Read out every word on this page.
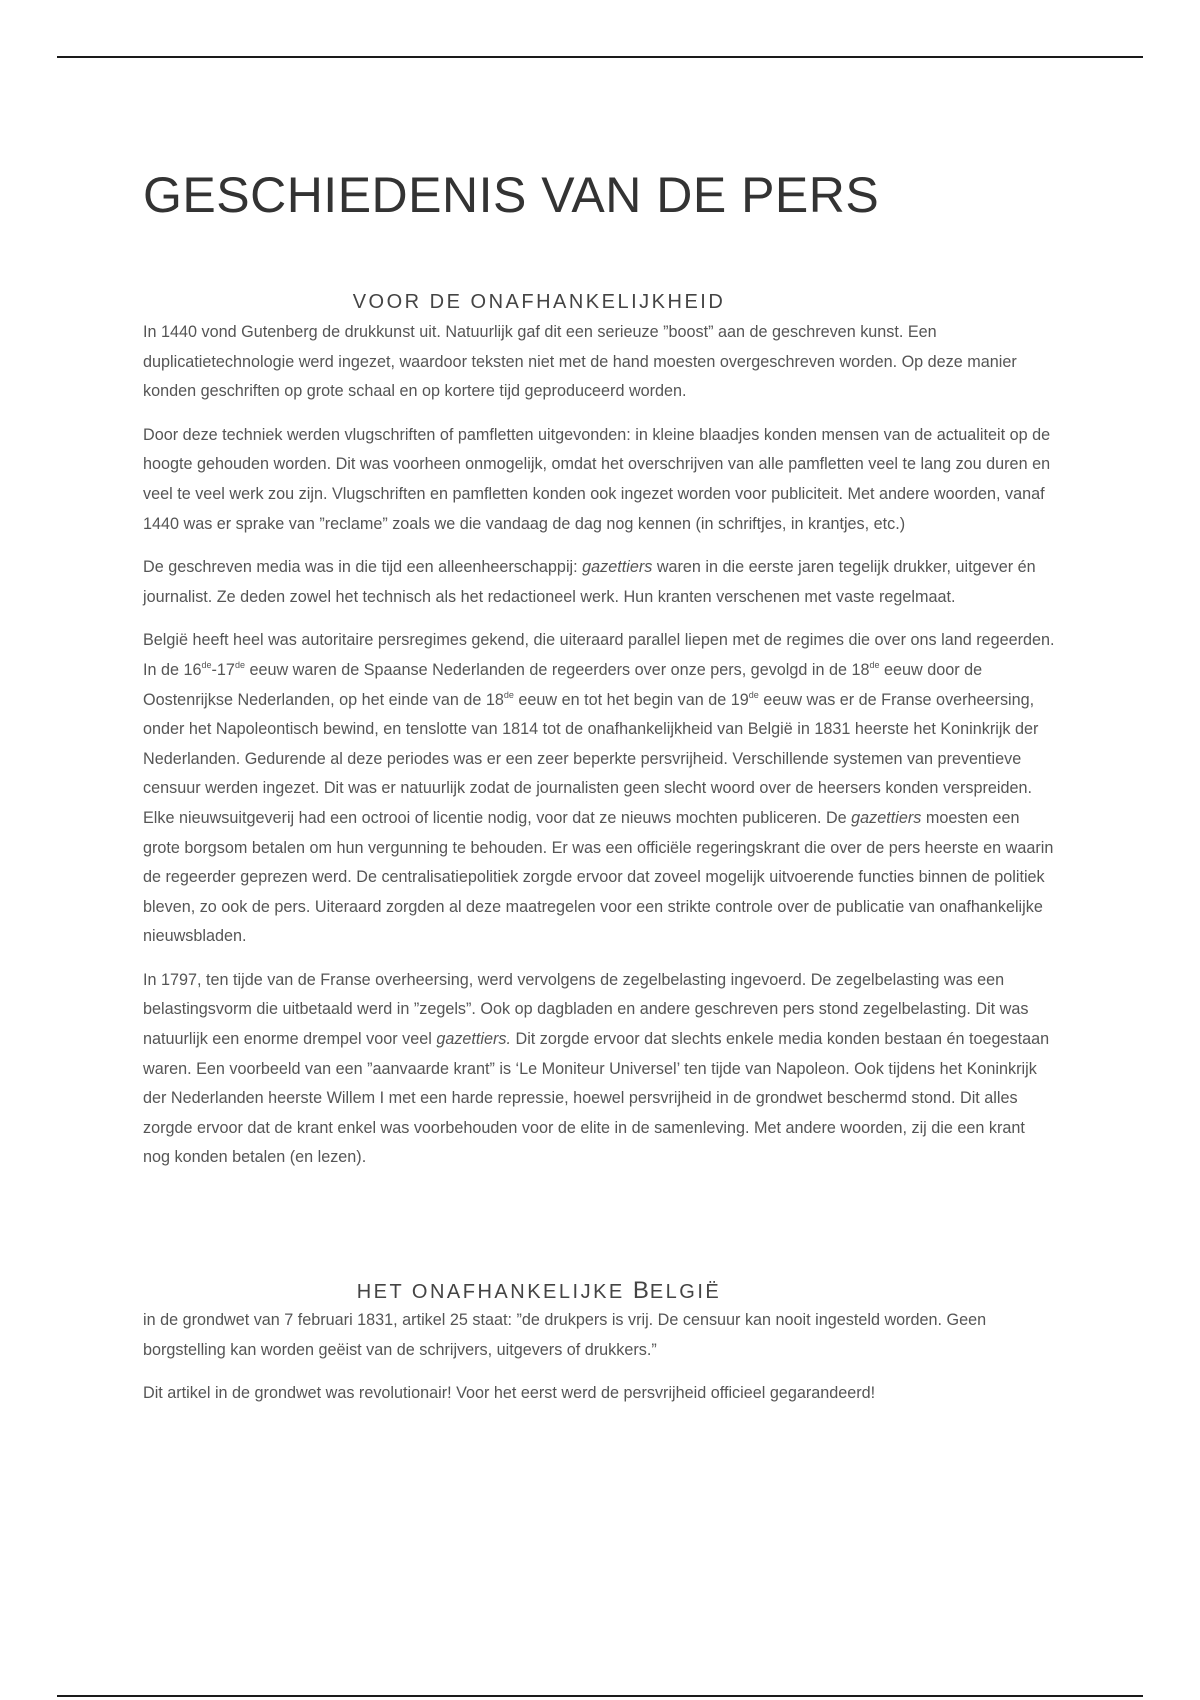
GESCHIEDENIS VAN DE PERS
VOOR DE ONAFHANKELIJKHEID

In 1440 vond Gutenberg de drukkunst uit. Natuurlijk gaf dit een serieuze ”boost” aan de geschreven kunst. Een duplicatietechnologie werd ingezet, waardoor teksten niet met de hand moesten overgeschreven worden. Op deze manier konden geschriften op grote schaal en op kortere tijd geproduceerd worden.

Door deze techniek werden vlugschriften of pamfletten uitgevonden: in kleine blaadjes konden mensen van de actualiteit op de hoogte gehouden worden. Dit was voorheen onmogelijk, omdat het overschrijven van alle pamfletten veel te lang zou duren en veel te veel werk zou zijn. Vlugschriften en pamfletten konden ook ingezet worden voor publiciteit. Met andere woorden, vanaf 1440 was er sprake van ”reclame” zoals we die vandaag de dag nog kennen (in schriftjes, in krantjes, etc.)

De geschreven media was in die tijd een alleenheerschappij: gazettiers waren in die eerste jaren tegelijk drukker, uitgever én journalist. Ze deden zowel het technisch als het redactioneel werk. Hun kranten verschenen met vaste regelmaat.

België heeft heel was autoritaire persregimes gekend, die uiteraard parallel liepen met de regimes die over ons land regeerden. In de 16de-17de eeuw waren de Spaanse Nederlanden de regeerders over onze pers, gevolgd in de 18de eeuw door de Oostenrijkse Nederlanden, op het einde van de 18de eeuw en tot het begin van de 19de eeuw was er de Franse overheersing, onder het Napoleontisch bewind, en tenslotte van 1814 tot de onafhankelijkheid van België in 1831 heerste het Koninkrijk der Nederlanden. Gedurende al deze periodes was er een zeer beperkte persvrijheid. Verschillende systemen van preventieve censuur werden ingezet. Dit was er natuurlijk zodat de journalisten geen slecht woord over de heersers konden verspreiden. Elke nieuwsuitgeverij had een octrooi of licentie nodig, voor dat ze nieuws mochten publiceren. De gazettiers moesten een grote borgsom betalen om hun vergunning te behouden. Er was een officiële regeringskrant die over de pers heerste en waarin de regeerder geprezen werd. De centralisatiepolitiek zorgde ervoor dat zoveel mogelijk uitvoerende functies binnen de politiek bleven, zo ook de pers. Uiteraard zorgden al deze maatregelen voor een strikte controle over de publicatie van onafhankelijke nieuwsbladen.

In 1797, ten tijde van de Franse overheersing, werd vervolgens de zegelbelasting ingevoerd. De zegelbelasting was een belastingsvorm die uitbetaald werd in ”zegels”. Ook op dagbladen en andere geschreven pers stond zegelbelasting. Dit was natuurlijk een enorme drempel voor veel gazettiers. Dit zorgde ervoor dat slechts enkele media konden bestaan én toegestaan waren. Een voorbeeld van een ”aanvaarde krant” is ‘Le Moniteur Universel’ ten tijde van Napoleon. Ook tijdens het Koninkrijk der Nederlanden heerste Willem I met een harde repressie, hoewel persvrijheid in de grondwet beschermd stond. Dit alles zorgde ervoor dat de krant enkel was voorbehouden voor de elite in de samenleving. Met andere woorden, zij die een krant nog konden betalen (en lezen).

HET ONAFHANKELIJKE BELGIË

in de grondwet van 7 februari 1831, artikel 25 staat: ”de drukpers is vrij. De censuur kan nooit ingesteld worden. Geen borgstelling kan worden geëist van de schrijvers, uitgevers of drukkers.”

Dit artikel in de grondwet was revolutionair! Voor het eerst werd de persvrijheid officieel gegarandeerd!
